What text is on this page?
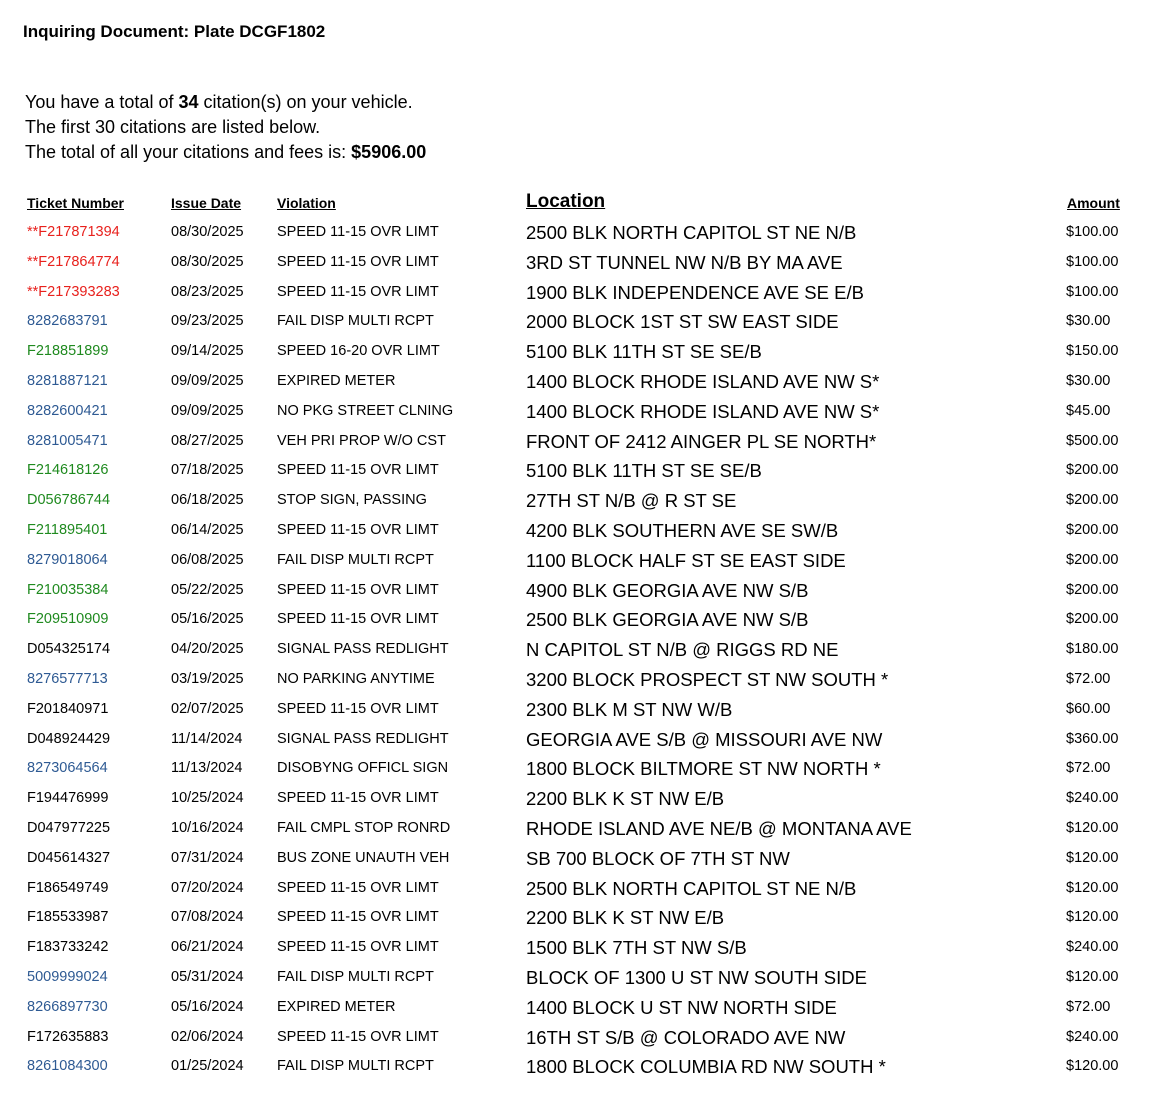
Inquiring Document: Plate DCGF1802
You have a total of 34 citation(s) on your vehicle.
The first 30 citations are listed below.
The total of all your citations and fees is: $5906.00
Ticket Number	Issue Date	Violation	Location	Amount
**F217871394	08/30/2025 SPEED 11-15 OVR LIMT	2500 BLK NORTH CAPITOL ST NE N/B	$100.00
**F217864774	08/30/2025 SPEED 11-15 OVR LIMT	3RD ST TUNNEL NW N/B BY MA AVE	$100.00
**F217393283	08/23/2025 SPEED 11-15 OVR LIMT	1900 BLK INDEPENDENCE AVE SE E/B	$100.00
8282683791	09/23/2025 FAIL DISP MULTI RCPT	2000 BLOCK 1ST ST SW EAST SIDE	$30.00
F218851899	09/14/2025 SPEED 16-20 OVR LIMT	5100 BLK 11TH ST SE SE/B	$150.00
8281887121	09/09/2025 EXPIRED METER	1400 BLOCK RHODE ISLAND AVE NW S*	$30.00
8282600421	09/09/2025 NO PKG STREET CLNING	1400 BLOCK RHODE ISLAND AVE NW S*	$45.00
8281005471	08/27/2025 VEH PRI PROP W/O CST	FRONT OF 2412 AINGER PL SE NORTH*	$500.00
F214618126	07/18/2025 SPEED 11-15 OVR LIMT	5100 BLK 11TH ST SE SE/B	$200.00
D056786744	06/18/2025 STOP SIGN, PASSING	27TH ST N/B @ R ST SE	$200.00
F211895401	06/14/2025 SPEED 11-15 OVR LIMT	4200 BLK SOUTHERN AVE SE SW/B	$200.00
8279018064	06/08/2025 FAIL DISP MULTI RCPT	1100 BLOCK HALF ST SE EAST SIDE	$200.00
F210035384	05/22/2025 SPEED 11-15 OVR LIMT	4900 BLK GEORGIA AVE NW S/B	$200.00
F209510909	05/16/2025 SPEED 11-15 OVR LIMT	2500 BLK GEORGIA AVE NW S/B	$200.00
D054325174	04/20/2025 SIGNAL PASS REDLIGHT	N CAPITOL ST N/B @ RIGGS RD NE	$180.00
8276577713	03/19/2025 NO PARKING ANYTIME	3200 BLOCK PROSPECT ST NW SOUTH *	$72.00
F201840971	02/07/2025 SPEED 11-15 OVR LIMT	2300 BLK M ST NW W/B	$60.00
D048924429	11/14/2024 SIGNAL PASS REDLIGHT	GEORGIA AVE S/B @ MISSOURI AVE NW	$360.00
8273064564	11/13/2024 DISOBYNG OFFICL SIGN	1800 BLOCK BILTMORE ST NW NORTH *	$72.00
F194476999	10/25/2024 SPEED 11-15 OVR LIMT	2200 BLK K ST NW E/B	$240.00
D047977225	10/16/2024 FAIL CMPL STOP RONRD	RHODE ISLAND AVE NE/B @ MONTANA AVE	$120.00
D045614327	07/31/2024 BUS ZONE UNAUTH VEH	SB 700 BLOCK OF 7TH ST NW	$120.00
F186549749	07/20/2024 SPEED 11-15 OVR LIMT	2500 BLK NORTH CAPITOL ST NE N/B	$120.00
F185533987	07/08/2024 SPEED 11-15 OVR LIMT	2200 BLK K ST NW E/B	$120.00
F183733242	06/21/2024 SPEED 11-15 OVR LIMT	1500 BLK 7TH ST NW S/B	$240.00
5009999024	05/31/2024 FAIL DISP MULTI RCPT	BLOCK OF 1300 U ST NW SOUTH SIDE	$120.00
8266897730	05/16/2024 EXPIRED METER	1400 BLOCK U ST NW NORTH SIDE	$72.00
F172635883	02/06/2024 SPEED 11-15 OVR LIMT	16TH ST S/B @ COLORADO AVE NW	$240.00
8261084300	01/25/2024 FAIL DISP MULTI RCPT	1800 BLOCK COLUMBIA RD NW SOUTH *	$120.00
